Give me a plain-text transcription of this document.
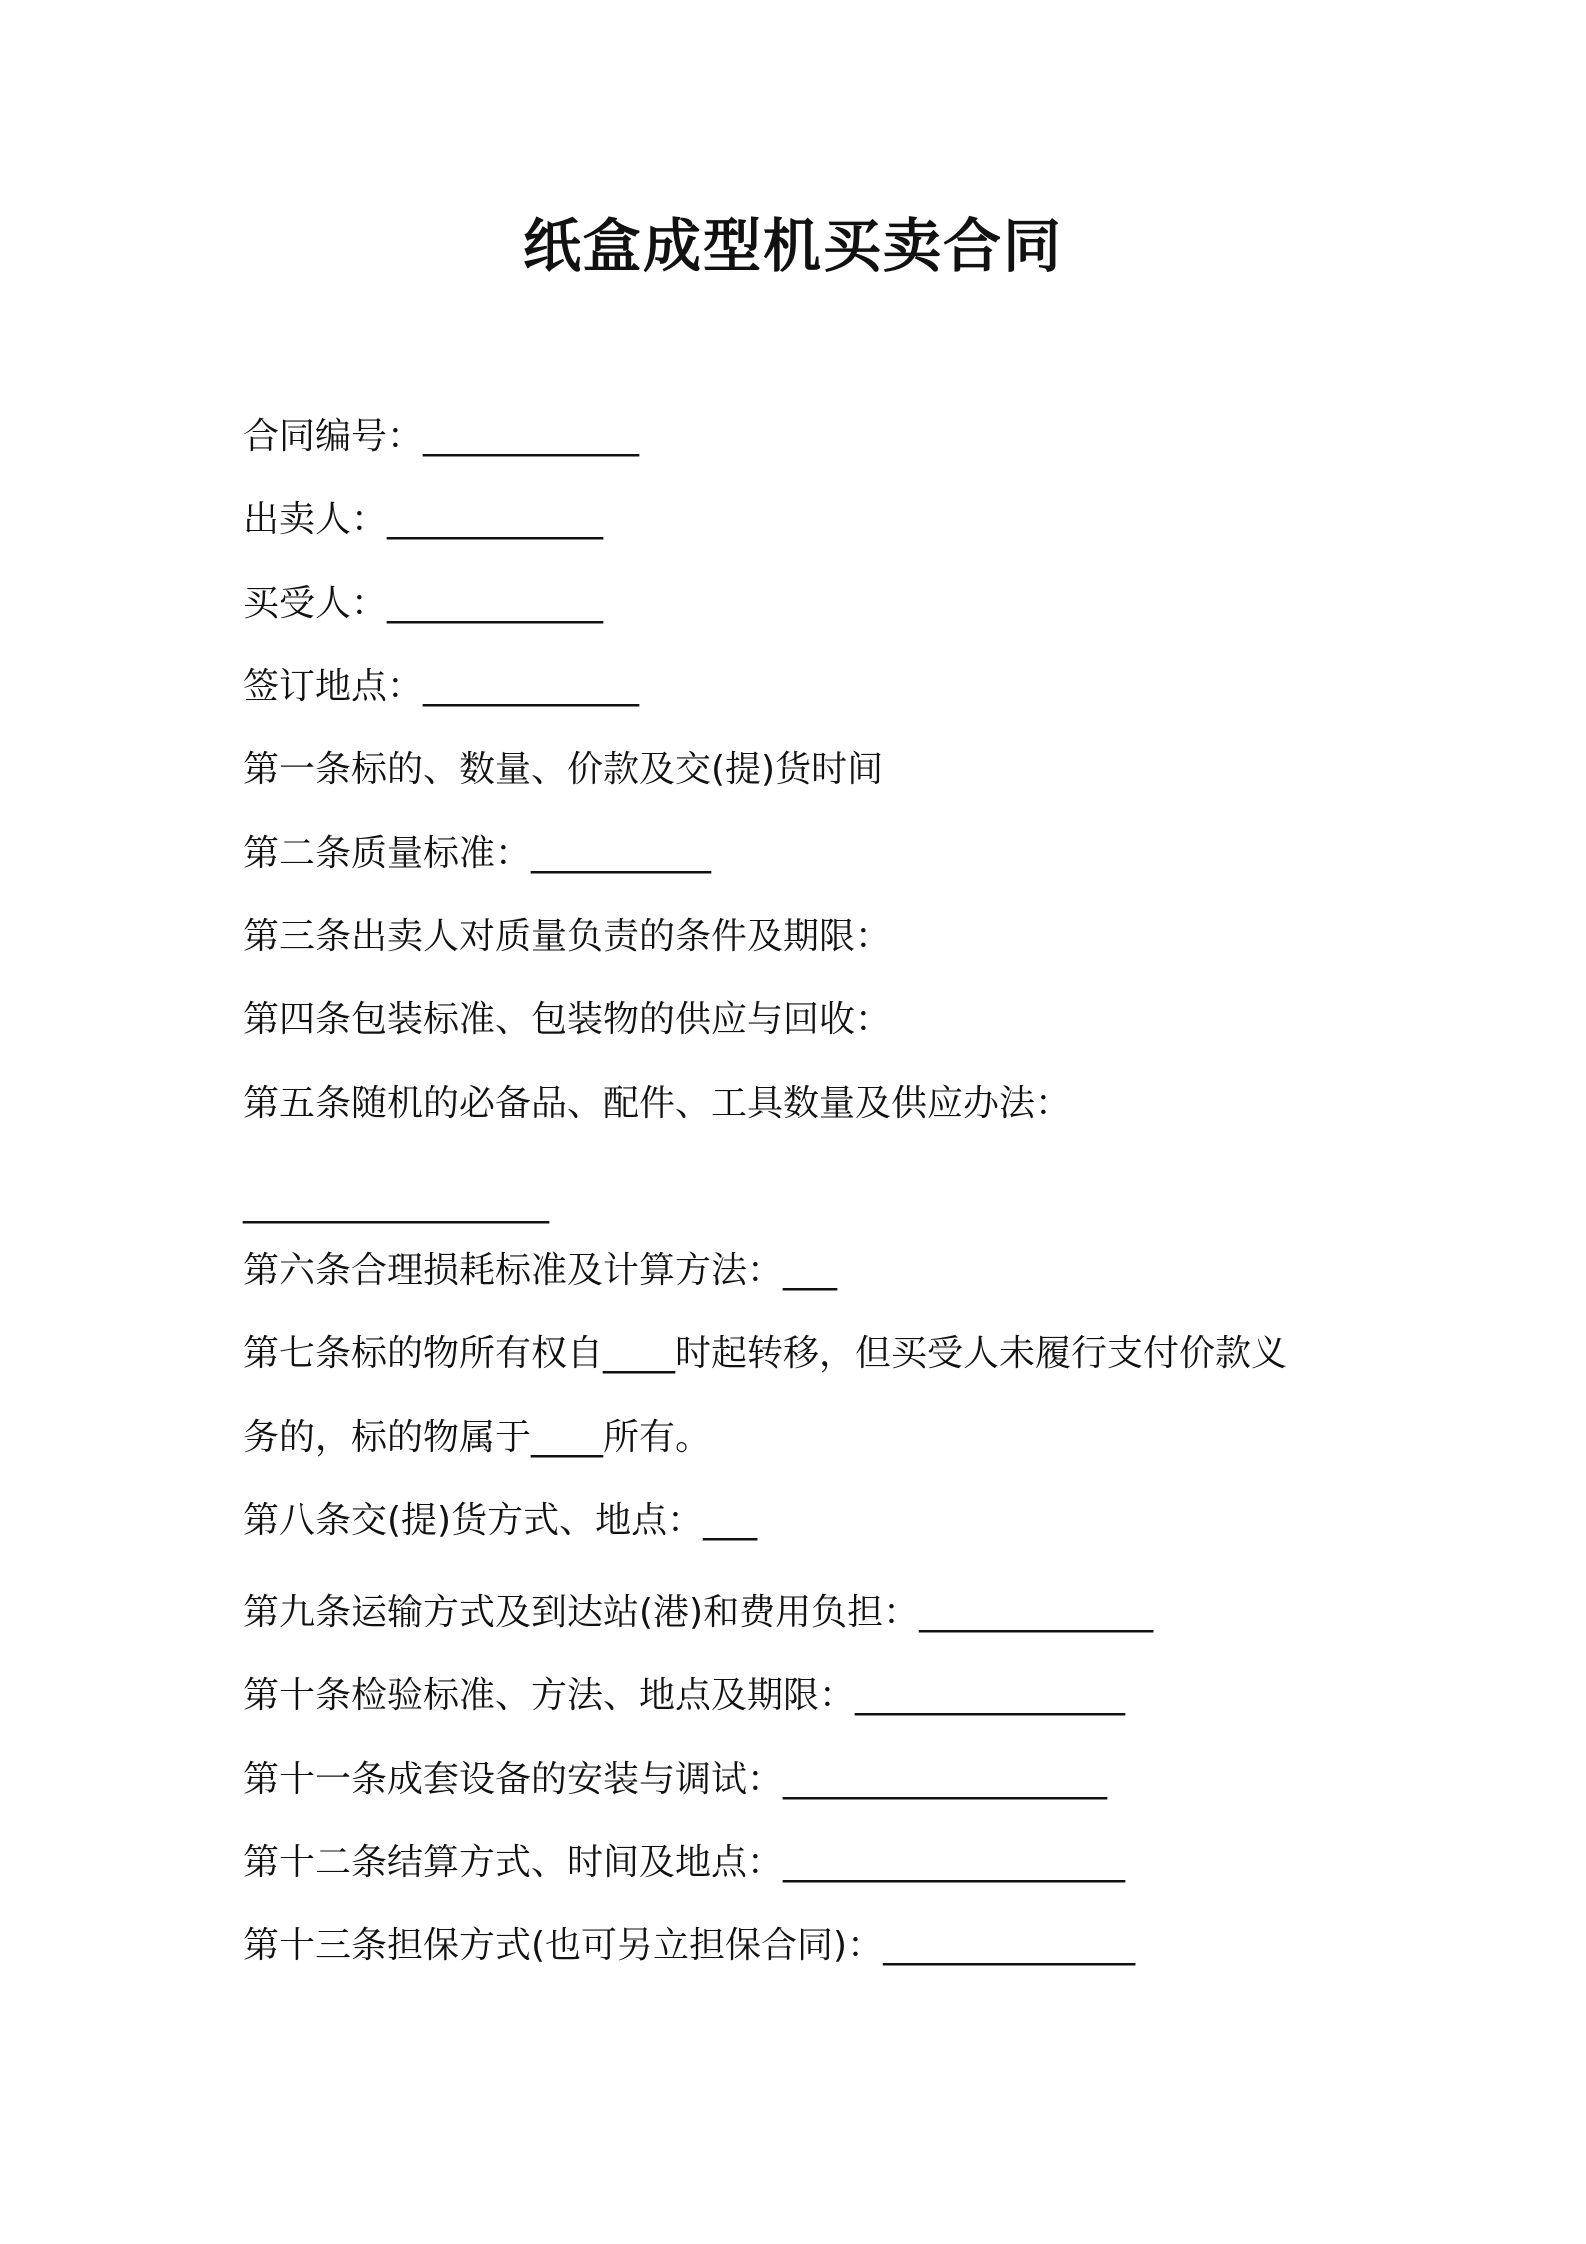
纸盒成型机买卖合同
合同编号：____________
出卖人：____________
买受人：____________
签订地点：____________
第一条标的、数量、价款及交(提)货时间
第二条质量标准：__________
第三条出卖人对质量负责的条件及期限：
第四条包装标准、包装物的供应与回收：
第五条随机的必备品、配件、工具数量及供应办法：
_________________
第六条合理损耗标准及计算方法：___
第七条标的物所有权自____时起转移，但买受人未履行支付价款义
务的，标的物属于____所有。
第八条交(提)货方式、地点：___
第九条运输方式及到达站(港)和费用负担：_____________
第十条检验标准、方法、地点及期限：_______________
第十一条成套设备的安装与调试：__________________
第十二条结算方式、时间及地点：___________________
第十三条担保方式(也可另立担保合同)：______________
